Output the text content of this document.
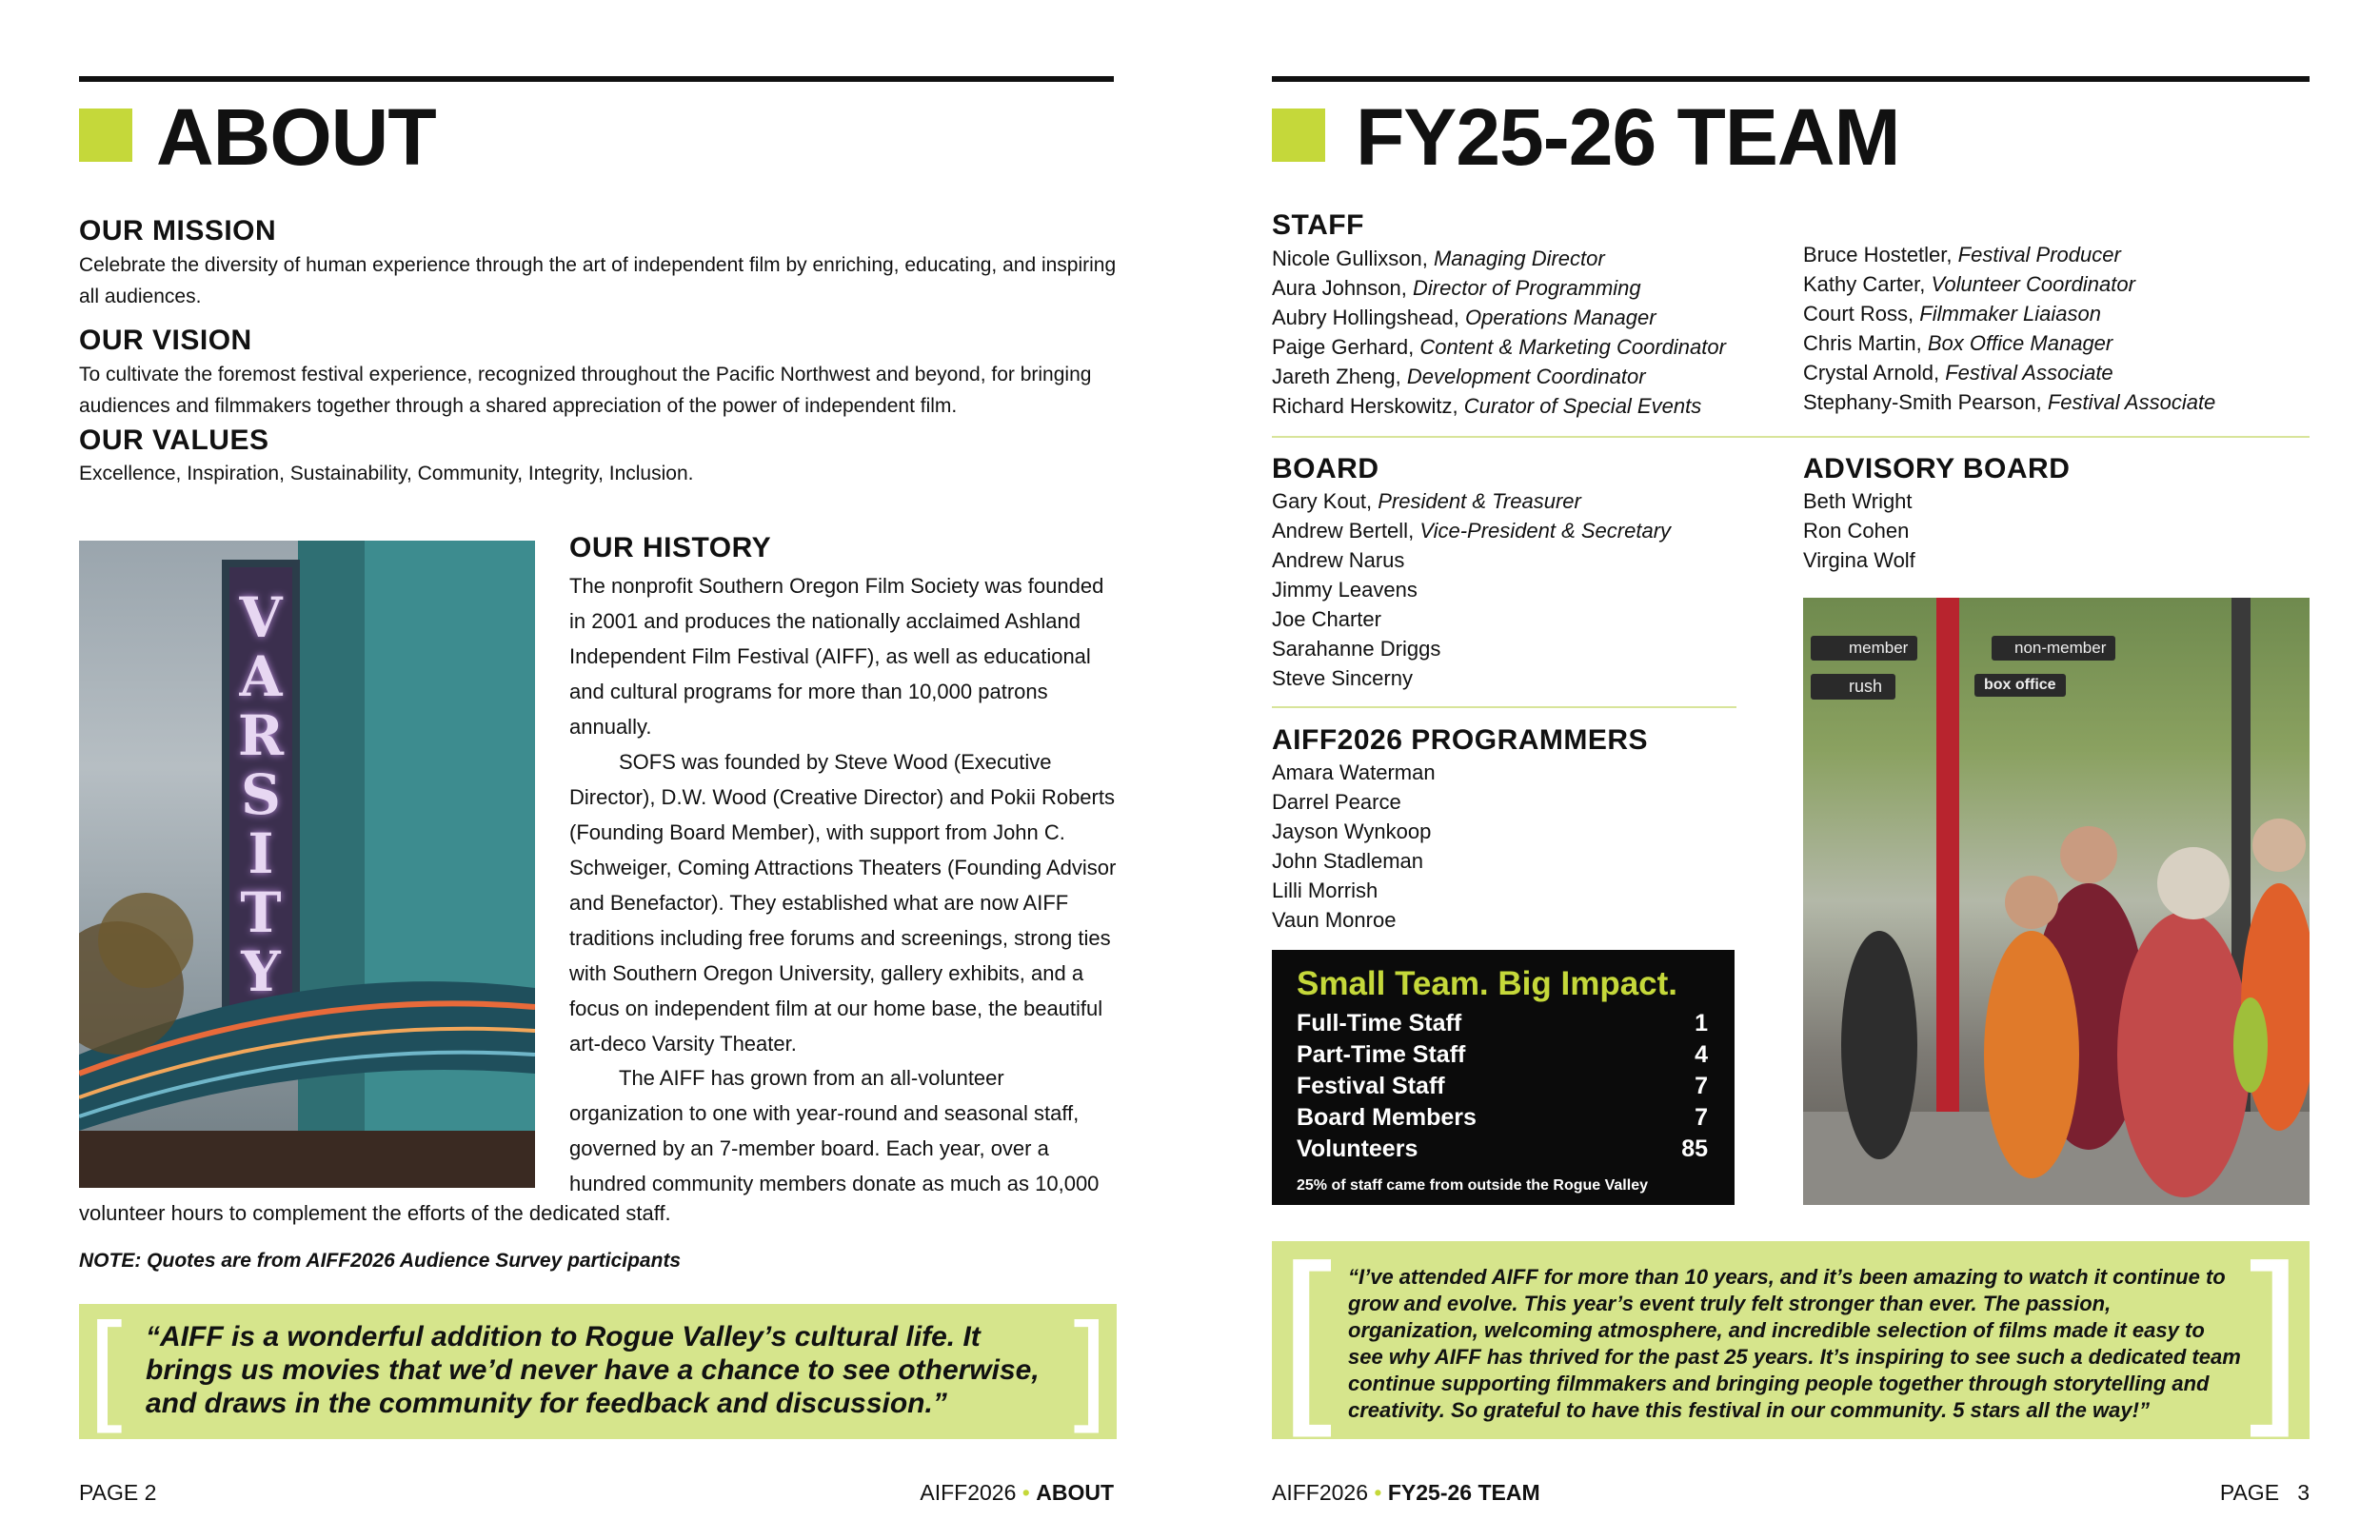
ABOUT
OUR MISSION

Celebrate the diversity of human experience through the art of independent film by enriching, educating, and inspiring all audiences.

OUR VISION

To cultivate the foremost festival experience, recognized throughout the Pacific Northwest and beyond, for bringing audiences and filmmakers together through a shared appreciation of the power of independent film.

OUR VALUES

Excellence, Inspiration, Sustainability, Community, Integrity, Inclusion.

VARSITY
OUR HISTORY

The nonprofit Southern Oregon Film Society was founded in 2001 and produces the nationally acclaimed Ashland Independent Film Festival (AIFF), as well as educational and cultural programs for more than 10,000 patrons annually.

SOFS was founded by Steve Wood (Executive Director), D.W. Wood (Creative Director) and Pokii Roberts (Founding Board Member), with support from John C. Schweiger, Coming Attractions Theaters (Founding Advisor and Benefactor). They established what are now AIFF traditions including free forums and screenings, strong ties with Southern Oregon University, gallery exhibits, and a focus on independent film at our home base, the beautiful art-deco Varsity Theater.

The AIFF has grown from an all-volunteer organization to one with year-round and seasonal staff, governed by an 7-member board. Each year, over a hundred community members donate as much as 10,000

volunteer hours to complement the efforts of the dedicated staff.

NOTE: Quotes are from AIFF2026 Audience Survey participants

[ “AIFF is a wonderful addition to Rogue Valley’s cultural life. It brings us movies that we’d never have a chance to see otherwise, and draws in the community for feedback and discussion.”	]
PAGE 2	AIFF2026 • ABOUT
FY25-26 TEAM
STAFF
Nicole Gullixson, Managing Director
Aura Johnson, Director of Programming
Aubry Hollingshead, Operations Manager
Paige Gerhard, Content & Marketing Coordinator
Jareth Zheng, Development Coordinator
Richard Herskowitz, Curator of Special Events
Bruce Hostetler, Festival Producer
Kathy Carter, Volunteer Coordinator
Court Ross, Filmmaker Liaiason
Chris Martin, Box Office Manager
Crystal Arnold, Festival Associate
Stephany-Smith Pearson, Festival Associate
BOARD
Gary Kout, President & Treasurer
Andrew Bertell, Vice-President & Secretary
Andrew Narus
Jimmy Leavens
Joe Charter
Sarahanne Driggs
Steve Sincerny
ADVISORY BOARD
Beth Wright
Ron Cohen
Virgina Wolf
AIFF2026 PROGRAMMERS
Amara Waterman
Darrel Pearce
Jayson Wynkoop
John Stadleman
Lilli Morrish
Vaun Monroe

Small Team. Big Impact.

Full-Time Staff	1
Part-Time Staff	4
Festival Staff	7
Board Members	7
Volunteers	85

25% of staff came from outside the Rogue Valley

member	non-member
rush	box office
[ “I’ve attended AIFF for more than 10 years, and it’s been amazing to watch it continue to grow and evolve. This year’s event truly felt stronger than ever. The passion, organization, welcoming atmosphere, and incredible selection of films made it easy to see why AIFF has thrived for the past 25 years. It’s inspiring to see such a dedicated team continue supporting filmmakers and bringing people together through storytelling and creativity. So grateful to have this festival in our community. 5 stars all the way!” ]
AIFF2026 • FY25-26 TEAM	PAGE   3
